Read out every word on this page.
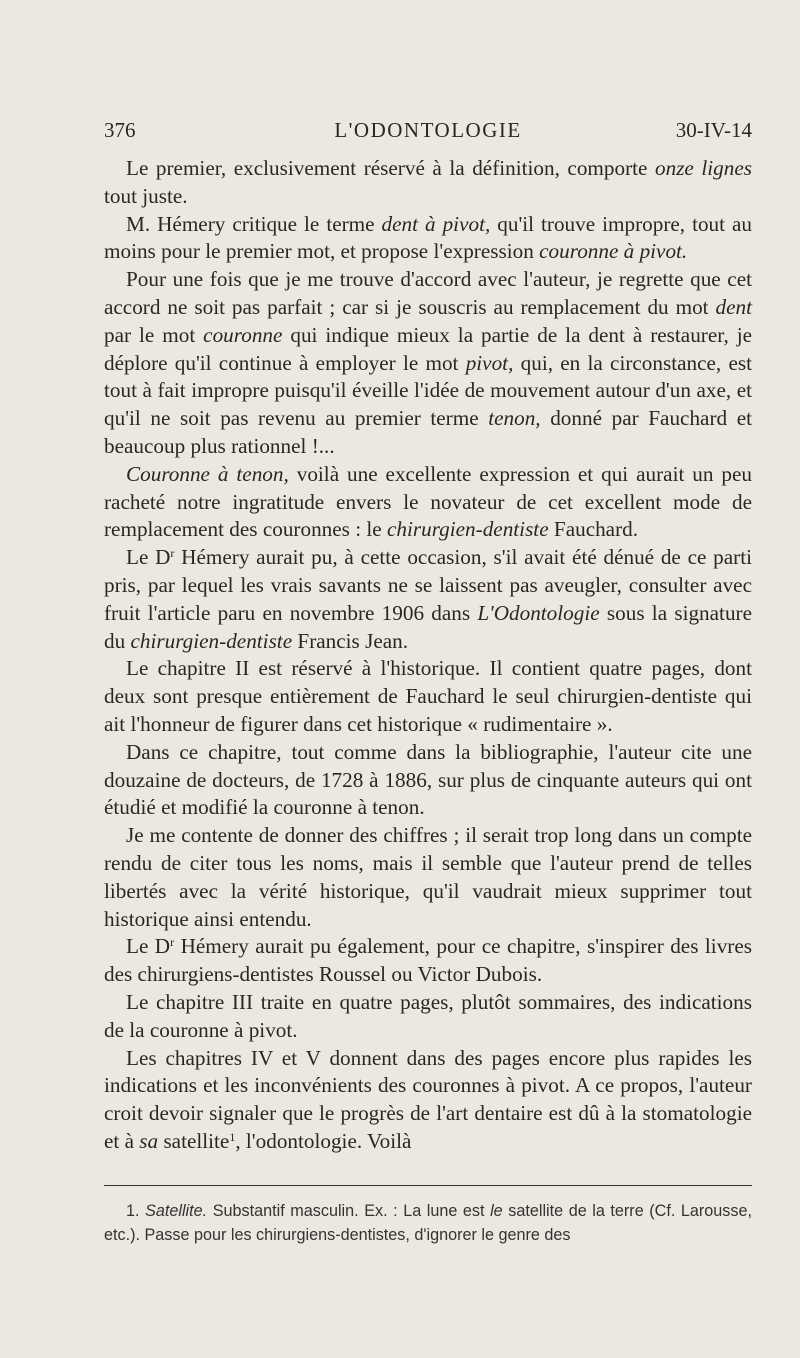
376	L'ODONTOLOGIE	30-IV-14

Le premier, exclusivement réservé à la définition, comporte onze lignes tout juste.

M. Hémery critique le terme dent à pivot, qu'il trouve impropre, tout au moins pour le premier mot, et propose l'expression couronne à pivot.

Pour une fois que je me trouve d'accord avec l'auteur, je regrette que cet accord ne soit pas parfait ; car si je souscris au remplacement du mot dent par le mot couronne qui indique mieux la partie de la dent à restaurer, je déplore qu'il continue à employer le mot pivot, qui, en la circonstance, est tout à fait impropre puisqu'il éveille l'idée de mouvement autour d'un axe, et qu'il ne soit pas revenu au premier terme tenon, donné par Fauchard et beaucoup plus rationnel !...

Couronne à tenon, voilà une excellente expression et qui aurait un peu racheté notre ingratitude envers le novateur de cet excellent mode de remplacement des couronnes : le chirurgien-dentiste Fauchard.

Le $D^r$ Hémery aurait pu, à cette occasion, s'il avait été dénué de ce parti pris, par lequel les vrais savants ne se laissent pas aveugler, consulter avec fruit l'article paru en novembre 1906 dans L'Odontologie sous la signature du chirurgien-dentiste Francis Jean.

Le chapitre II est réservé à l'historique. Il contient quatre pages, dont deux sont presque entièrement de Fauchard le seul chirurgien-dentiste qui ait l'honneur de figurer dans cet historique « rudimentaire ».

Dans ce chapitre, tout comme dans la bibliographie, l'auteur cite une douzaine de docteurs, de 1728 à 1886, sur plus de cinquante auteurs qui ont étudié et modifié la couronne à tenon.

Je me contente de donner des chiffres ; il serait trop long dans un compte rendu de citer tous les noms, mais il semble que l'auteur prend de telles libertés avec la vérité historique, qu'il vaudrait mieux supprimer tout historique ainsi entendu.

Le $D^r$ Hémery aurait pu également, pour ce chapitre, s'inspirer des livres des chirurgiens-dentistes Roussel ou Victor Dubois.

Le chapitre III traite en quatre pages, plutôt sommaires, des indications de la couronne à pivot.

Les chapitres IV et V donnent dans des pages encore plus rapides les indications et les inconvénients des couronnes à pivot. A ce propos, l'auteur croit devoir signaler que le progrès de l'art dentaire est dû à la stomatologie et à sa satellite$^1$, l'odontologie. Voilà

1. Satellite. Substantif masculin. Ex. : La lune est le satellite de la terre (Cf. Larousse, etc.). Passe pour les chirurgiens-dentistes, d'ignorer le genre des
